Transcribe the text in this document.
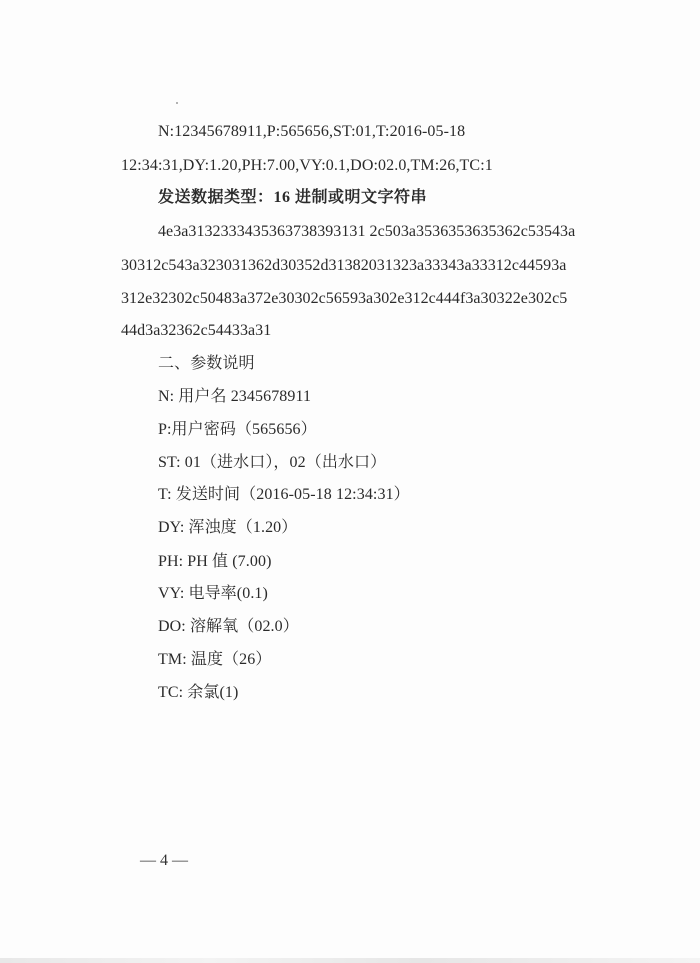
N:12345678911,P:565656,ST:01,T:2016-05-18
12:34:31,DY:1.20,PH:7.00,VY:0.1,DO:02.0,TM:26,TC:1
发送数据类型：16 进制或明文字符串
4e3a3132333435363738393131 2c503a3536353635362c53543a
30312c543a323031362d30352d31382031323a33343a33312c44593a
312e32302c50483a372e30302c56593a302e312c444f3a30322e302c5
44d3a32362c54433a31
二、参数说明
N: 用户名 2345678911
P:用户密码（565656）
ST: 01（进水口），02（出水口）
T: 发送时间（2016-05-18 12:34:31）
DY: 浑浊度（1.20）
PH: PH 值 (7.00)
VY: 电导率(0.1)
DO: 溶解氧（02.0）
TM: 温度（26）
TC: 余氯(1)
— 4 —
